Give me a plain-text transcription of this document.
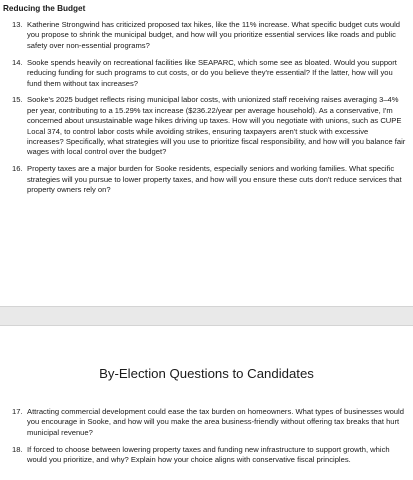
Reducing the Budget
13. Katherine Strongwind has criticized proposed tax hikes, like the 11% increase. What specific budget cuts would you propose to shrink the municipal budget, and how will you prioritize essential services like roads and public safety over non-essential programs?
14. Sooke spends heavily on recreational facilities like SEAPARC, which some see as bloated. Would you support reducing funding for such programs to cut costs, or do you believe they're essential? If the latter, how will you fund them without tax increases?
15. Sooke's 2025 budget reflects rising municipal labor costs, with unionized staff receiving raises averaging 3–4% per year, contributing to a 15.29% tax increase ($236.22/year per average household). As a conservative, I'm concerned about unsustainable wage hikes driving up taxes. How will you negotiate with unions, such as CUPE Local 374, to control labor costs while avoiding strikes, ensuring taxpayers aren't stuck with excessive increases? Specifically, what strategies will you use to prioritize fiscal responsibility, and how will you balance fair wages with local control over the budget?
16. Property taxes are a major burden for Sooke residents, especially seniors and working families. What specific strategies will you pursue to lower property taxes, and how will you ensure these cuts don't reduce services that property owners rely on?
By-Election Questions to Candidates
17. Attracting commercial development could ease the tax burden on homeowners. What types of businesses would you encourage in Sooke, and how will you make the area business-friendly without offering tax breaks that hurt municipal revenue?
18. If forced to choose between lowering property taxes and funding new infrastructure to support growth, which would you prioritize, and why? Explain how your choice aligns with conservative fiscal principles.
